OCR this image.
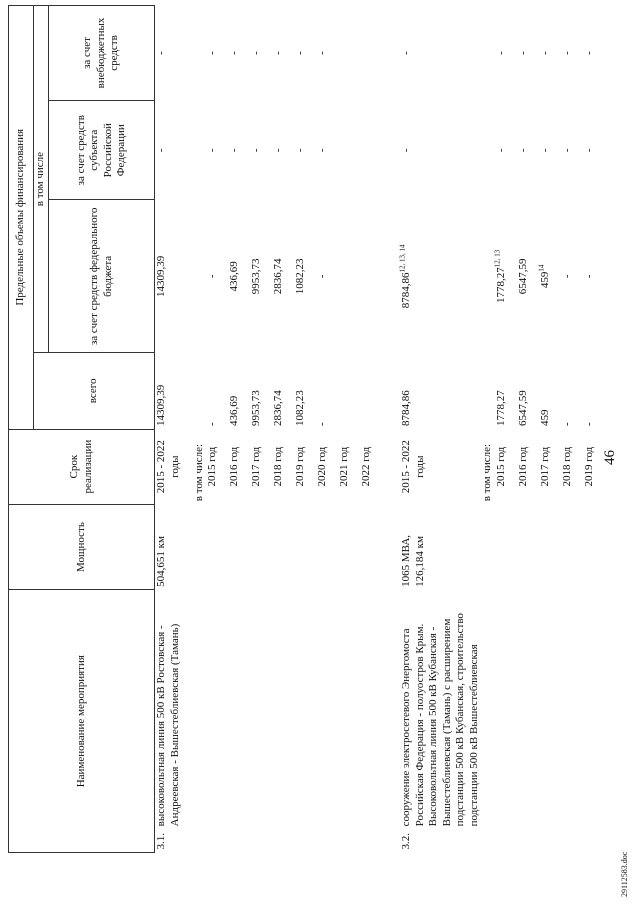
46
Наименование мероприятия		Мощность	Срок реализации	Предельные объемы финансирования			
				всего	в том числе		
					за счет средств федерального бюджета	за счет средств субъекта Российской Федерации	за счет внебюджетных средств
3.1.	высоковольтная линия 500 кВ Ростовская - Андреевская - Вышестеблиевская (Тамань)	504,651 км	2015 - 2022 годы	14309,39	14309,39	-	-
			в том числе:				
			2015 год	-	-	-	-
			2016 год	436,69	436,69	-	-
			2017 год	9953,73	9953,73	-	-
			2018 год	2836,74	2836,74	-	-
			2019 год	1082,23	1082,23	-	-
			2020 год	-	-	-	-
			2021 год				
			2022 год				

3.2.	сооружение электросетевого Энергомоста Российская Федерация - полуостров Крым. Высоковольтная линия 500 кВ Кубанская - Вышестеблиевская (Тамань) с расширением подстанции 500 кВ Кубанская, строительство подстанции 500 кВ Вышестеблиевская	1065 МВА, 126,184 км	2015 - 2022 годы	8784,86	8784,86$^{12, 13, 14}$	-	-
			в том числе:				
			2015 год	1778,27	1778,27$^{12, 13}$	-	-
			2016 год	6547,59	6547,59	-	-
			2017 год	459	$459^{14}$	-	-
			2018 год	-	-	-	-
			2019 год	-	-	-	-
29112583.doc
